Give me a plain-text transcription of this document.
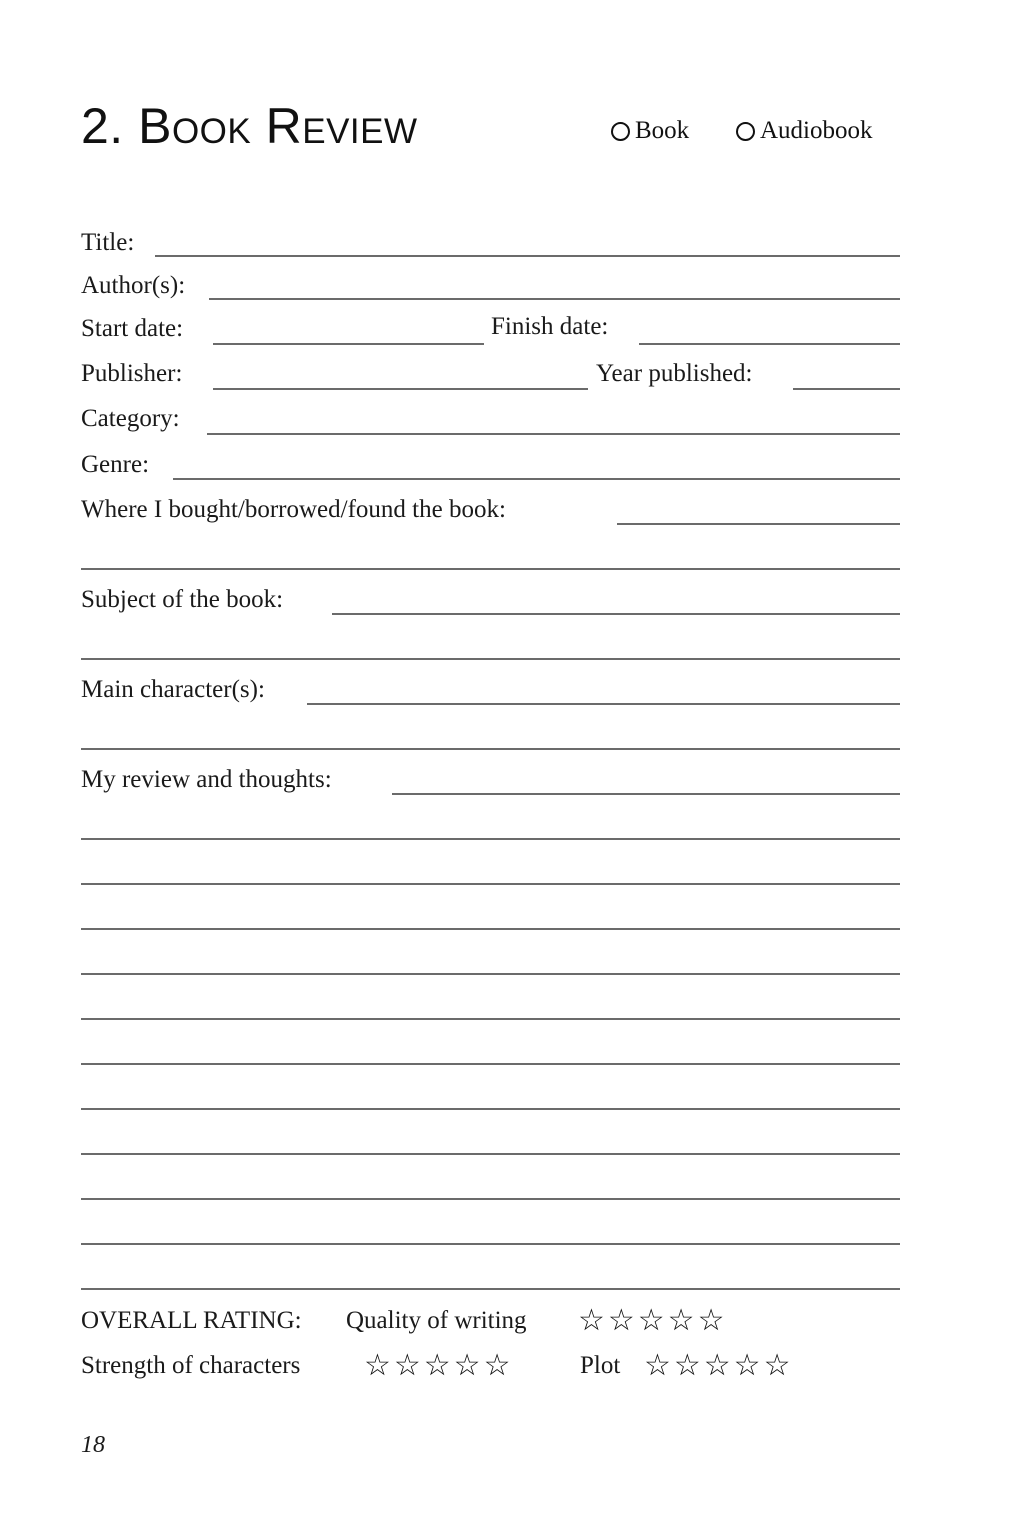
2. Book Review	Book	Audiobook
Title:
Author(s):
Start date:	Finish date:
Publisher:	Year published:
Category:
Genre:
Where I bought/borrowed/found the book:
Subject of the book:
Main character(s):
My review and thoughts:
OVERALL RATING: Quality of writing ☆☆☆☆☆
Strength of characters ☆☆☆☆☆	Plot ☆☆☆☆☆
18
